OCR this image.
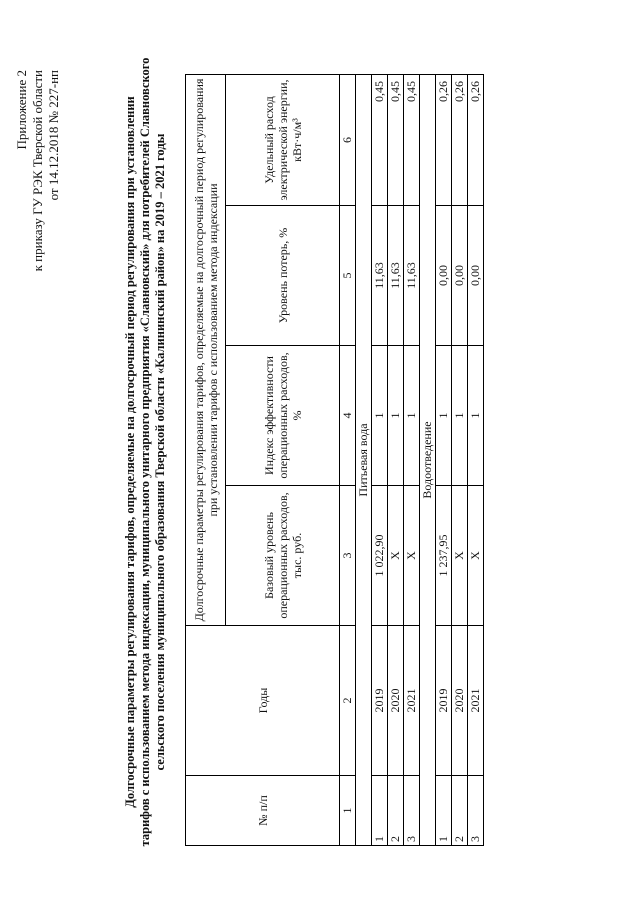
Приложение 2 к приказу ГУ РЭК Тверской области от 14.12.2018 № 227-нп	Долгосрочные параметры регулирования тарифов, определяемые на долгосрочный период регулирования при установлении тарифов с использованием метода индексации, муниципального унитарного предприятия «Славновский» для потребителей Славновского сельского поселения муниципального образования Тверской области «Калининский район» на 2019 – 2021 годы
№ п/п	Годы	Долгосрочные параметры регулирования тарифов, определяемые на долгосрочный период регулирования при установлении тарифов с использованием метода индексации			
		Базовый уровень операционных расходов, тыс. руб.	Индекс эффективности операционных расходов, %	Уровень потерь, %	Удельный расход электрической энергии, кВт·ч/м³
1	2	3	4	5	6
Питьевая вода					
1	2019	1 022,90	1	11,63	0,45
2	2020	X	1	11,63	0,45
3	2021	X	1	11,63	0,45
Водоотведение					
1	2019	1 237,95	1	0,00	0,26
2	2020	X	1	0,00	0,26
3	2021	X	1	0,00	0,26
